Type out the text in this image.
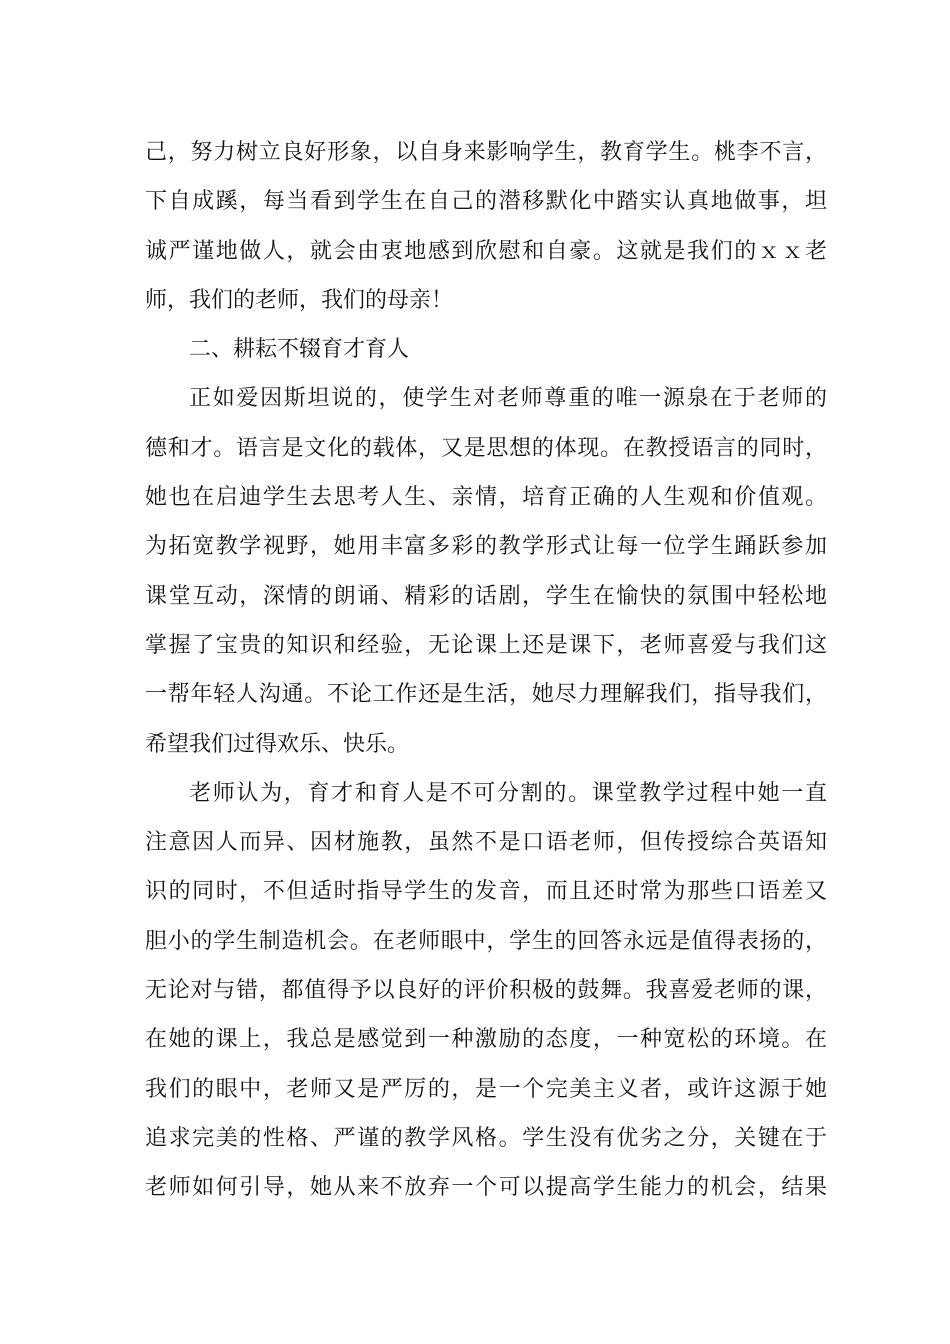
己，努力树立良好形象，以自身来影响学生，教育学生。桃李不言，
下自成蹊，每当看到学生在自己的潜移默化中踏实认真地做事，坦
诚严谨地做人，就会由衷地感到欣慰和自豪。这就是我们的ｘｘ老
师，我们的老师，我们的母亲！
二、耕耘不辍育才育人
正如爱因斯坦说的，使学生对老师尊重的唯一源泉在于老师的
德和才。语言是文化的载体，又是思想的体现。在教授语言的同时，
她也在启迪学生去思考人生、亲情，培育正确的人生观和价值观。
为拓宽教学视野，她用丰富多彩的教学形式让每一位学生踊跃参加
课堂互动，深情的朗诵、精彩的话剧，学生在愉快的氛围中轻松地
掌握了宝贵的知识和经验，无论课上还是课下，老师喜爱与我们这
一帮年轻人沟通。不论工作还是生活，她尽力理解我们，指导我们，
希望我们过得欢乐、快乐。
老师认为，育才和育人是不可分割的。课堂教学过程中她一直
注意因人而异、因材施教，虽然不是口语老师，但传授综合英语知
识的同时，不但适时指导学生的发音，而且还时常为那些口语差又
胆小的学生制造机会。在老师眼中，学生的回答永远是值得表扬的，
无论对与错，都值得予以良好的评价积极的鼓舞。我喜爱老师的课，
在她的课上，我总是感觉到一种激励的态度，一种宽松的环境。在
我们的眼中，老师又是严厉的，是一个完美主义者，或许这源于她
追求完美的性格、严谨的教学风格。学生没有优劣之分，关键在于
老师如何引导，她从来不放弃一个可以提高学生能力的机会，结果
